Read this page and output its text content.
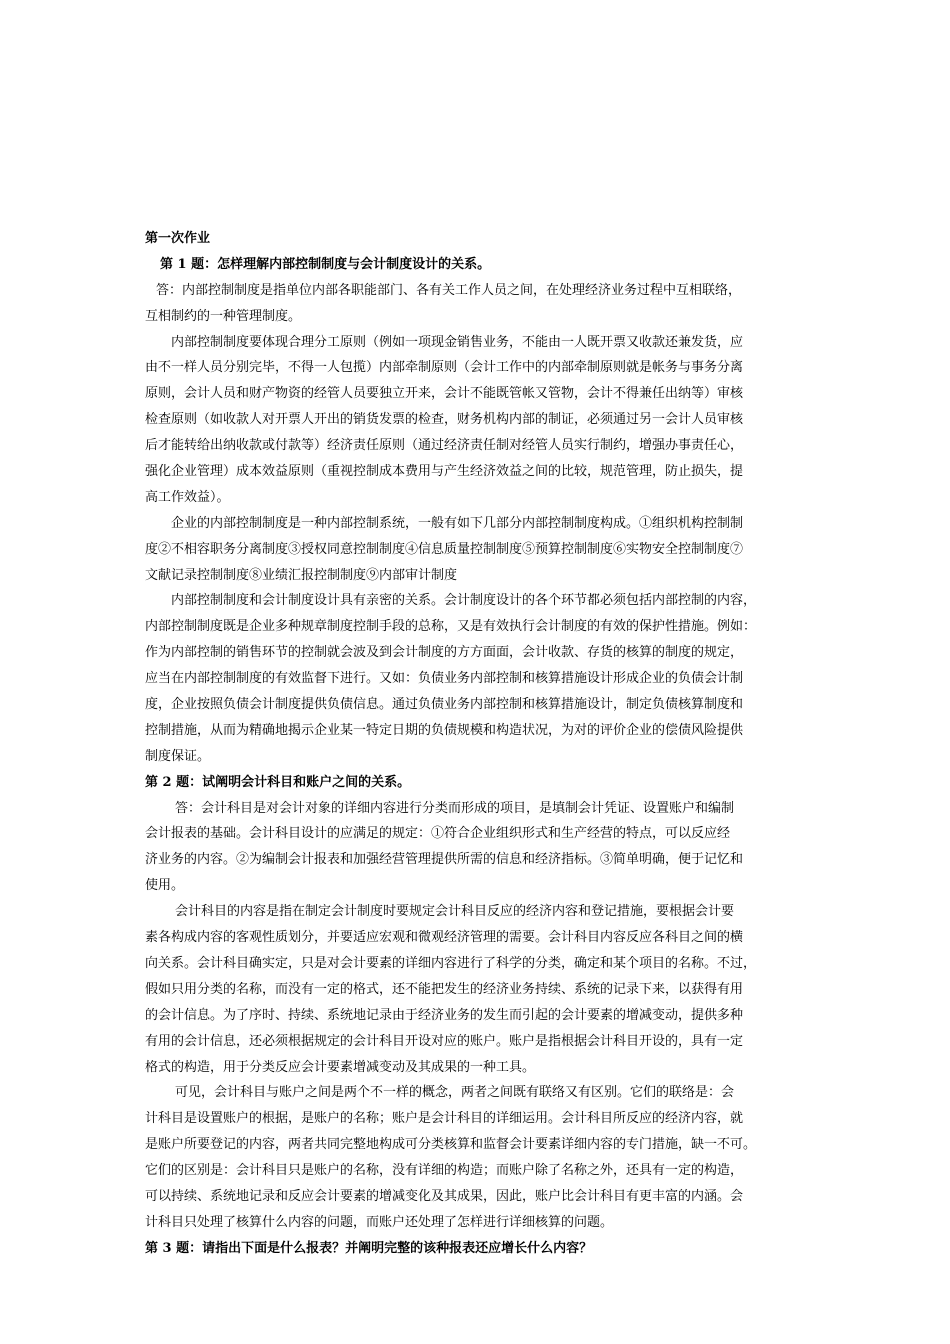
第一次作业
第 1 题：怎样理解内部控制制度与会计制度设计的关系。
答：内部控制制度是指单位内部各职能部门、各有关工作人员之间，在处理经济业务过程中互相联络，
互相制约的一种管理制度。
内部控制制度要体现合理分工原则（例如一项现金销售业务，不能由一人既开票又收款还兼发货，应
由不一样人员分别完毕，不得一人包揽）内部牵制原则（会计工作中的内部牵制原则就是帐务与事务分离
原则，会计人员和财产物资的经管人员要独立开来，会计不能既管帐又管物，会计不得兼任出纳等）审核
检查原则（如收款人对开票人开出的销货发票的检查，财务机构内部的制证，必须通过另一会计人员审核
后才能转给出纳收款或付款等）经济责任原则（通过经济责任制对经管人员实行制约，增强办事责任心，
强化企业管理）成本效益原则（重视控制成本费用与产生经济效益之间的比较，规范管理，防止损失，提
高工作效益）。
企业的内部控制制度是一种内部控制系统，一般有如下几部分内部控制制度构成。①组织机构控制制
度②不相容职务分离制度③授权同意控制制度④信息质量控制制度⑤预算控制制度⑥实物安全控制制度⑦
文献记录控制制度⑧业绩汇报控制制度⑨内部审计制度
内部控制制度和会计制度设计具有亲密的关系。会计制度设计的各个环节都必须包括内部控制的内容，
内部控制制度既是企业多种规章制度控制手段的总称，又是有效执行会计制度的有效的保护性措施。例如：
作为内部控制的销售环节的控制就会波及到会计制度的方方面面，会计收款、存货的核算的制度的规定，
应当在内部控制制度的有效监督下进行。又如：负债业务内部控制和核算措施设计形成企业的负债会计制
度，企业按照负债会计制度提供负债信息。通过负债业务内部控制和核算措施设计，制定负债核算制度和
控制措施，从而为精确地揭示企业某一特定日期的负债规模和构造状况，为对的评价企业的偿债风险提供
制度保证。
第 2 题：试阐明会计科目和账户之间的关系。
答：会计科目是对会计对象的详细内容进行分类而形成的项目，是填制会计凭证、设置账户和编制
会计报表的基础。会计科目设计的应满足的规定：①符合企业组织形式和生产经营的特点，可以反应经
济业务的内容。②为编制会计报表和加强经营管理提供所需的信息和经济指标。③简单明确，便于记忆和
使用。
会计科目的内容是指在制定会计制度时要规定会计科目反应的经济内容和登记措施，要根据会计要
素各构成内容的客观性质划分，并要适应宏观和微观经济管理的需要。会计科目内容反应各科目之间的横
向关系。会计科目确实定，只是对会计要素的详细内容进行了科学的分类，确定和某个项目的名称。不过，
假如只用分类的名称，而没有一定的格式，还不能把发生的经济业务持续、系统的记录下来，以获得有用
的会计信息。为了序时、持续、系统地记录由于经济业务的发生而引起的会计要素的增减变动，提供多种
有用的会计信息，还必须根据规定的会计科目开设对应的账户。账户是指根据会计科目开设的，具有一定
格式的构造，用于分类反应会计要素增减变动及其成果的一种工具。
可见，会计科目与账户之间是两个不一样的概念，两者之间既有联络又有区别。它们的联络是：会
计科目是设置账户的根据，是账户的名称；账户是会计科目的详细运用。会计科目所反应的经济内容，就
是账户所要登记的内容，两者共同完整地构成可分类核算和监督会计要素详细内容的专门措施，缺一不可。
它们的区别是：会计科目只是账户的名称，没有详细的构造；而账户除了名称之外，还具有一定的构造，
可以持续、系统地记录和反应会计要素的增减变化及其成果，因此，账户比会计科目有更丰富的内涵。会
计科目只处理了核算什么内容的问题，而账户还处理了怎样进行详细核算的问题。
第 3 题：请指出下面是什么报表？并阐明完整的该种报表还应增长什么内容？
